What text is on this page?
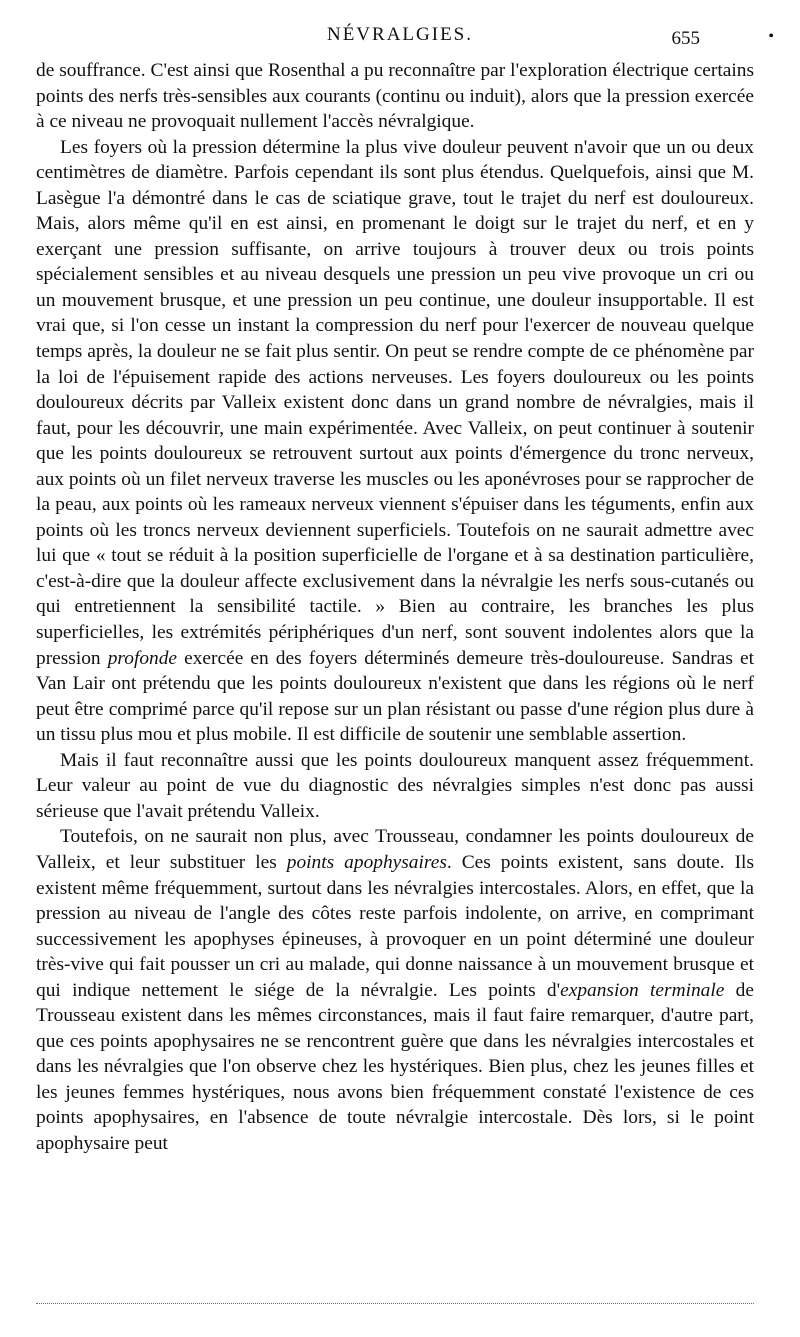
NÉVRALGIES.	655	•

de souffrance. C'est ainsi que Rosenthal a pu reconnaître par l'exploration électrique certains points des nerfs très-sensibles aux courants (continu ou induit), alors que la pression exercée à ce niveau ne provoquait nullement l'accès névralgique.

Les foyers où la pression détermine la plus vive douleur peuvent n'avoir que un ou deux centimètres de diamètre. Parfois cependant ils sont plus étendus. Quelquefois, ainsi que M. Lasègue l'a démontré dans le cas de sciatique grave, tout le trajet du nerf est douloureux. Mais, alors même qu'il en est ainsi, en promenant le doigt sur le trajet du nerf, et en y exerçant une pression suffisante, on arrive toujours à trouver deux ou trois points spécialement sensibles et au niveau desquels une pression un peu vive provoque un cri ou un mouvement brusque, et une pression un peu continue, une douleur insupportable. Il est vrai que, si l'on cesse un instant la compression du nerf pour l'exercer de nouveau quelque temps après, la douleur ne se fait plus sentir. On peut se rendre compte de ce phénomène par la loi de l'épuisement rapide des actions nerveuses. Les foyers douloureux ou les points douloureux décrits par Valleix existent donc dans un grand nombre de névralgies, mais il faut, pour les découvrir, une main expérimentée. Avec Valleix, on peut continuer à soutenir que les points douloureux se retrouvent surtout aux points d'émergence du tronc nerveux, aux points où un filet nerveux traverse les muscles ou les aponévroses pour se rapprocher de la peau, aux points où les rameaux nerveux viennent s'épuiser dans les téguments, enfin aux points où les troncs nerveux deviennent superficiels. Toutefois on ne saurait admettre avec lui que « tout se réduit à la position superficielle de l'organe et à sa destination particulière, c'est-à-dire que la douleur affecte exclusivement dans la névralgie les nerfs sous-cutanés ou qui entretiennent la sensibilité tactile. » Bien au contraire, les branches les plus superficielles, les extrémités périphériques d'un nerf, sont souvent indolentes alors que la pression profonde exercée en des foyers déterminés demeure très-douloureuse. Sandras et Van Lair ont prétendu que les points douloureux n'existent que dans les régions où le nerf peut être comprimé parce qu'il repose sur un plan résistant ou passe d'une région plus dure à un tissu plus mou et plus mobile. Il est difficile de soutenir une semblable assertion.

Mais il faut reconnaître aussi que les points douloureux manquent assez fréquemment. Leur valeur au point de vue du diagnostic des névralgies simples n'est donc pas aussi sérieuse que l'avait prétendu Valleix.

Toutefois, on ne saurait non plus, avec Trousseau, condamner les points douloureux de Valleix, et leur substituer les points apophysaires. Ces points existent, sans doute. Ils existent même fréquemment, surtout dans les névralgies intercostales. Alors, en effet, que la pression au niveau de l'angle des côtes reste parfois indolente, on arrive, en comprimant successivement les apophyses épineuses, à provoquer en un point déterminé une douleur très-vive qui fait pousser un cri au malade, qui donne naissance à un mouvement brusque et qui indique nettement le siége de la névralgie. Les points d'expansion terminale de Trousseau existent dans les mêmes circonstances, mais il faut faire remarquer, d'autre part, que ces points apophysaires ne se rencontrent guère que dans les névralgies intercostales et dans les névralgies que l'on observe chez les hystériques. Bien plus, chez les jeunes filles et les jeunes femmes hystériques, nous avons bien fréquemment constaté l'existence de ces points apophysaires, en l'absence de toute névralgie intercostale. Dès lors, si le point apophysaire peut
